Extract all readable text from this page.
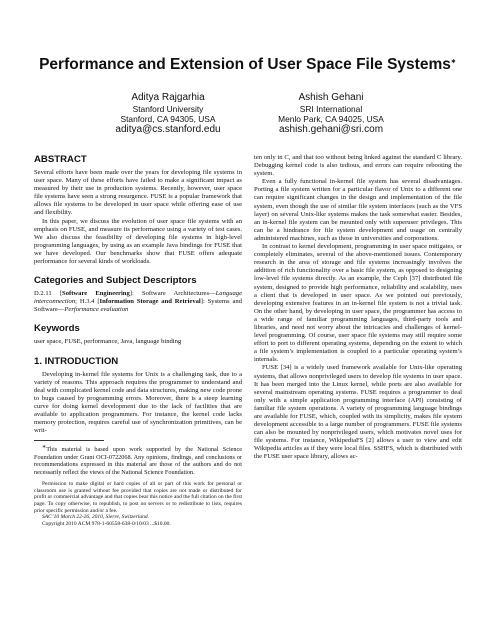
Performance and Extension of User Space File Systems∗
Aditya Rajgarhia
Stanford University
Stanford, CA 94305, USA
aditya@cs.stanford.edu
Ashish Gehani
SRI International
Menlo Park, CA 94025, USA
ashish.gehani@sri.com
ABSTRACT

Several efforts have been made over the years for developing file systems in user space. Many of these efforts have failed to make a significant impact as measured by their use in production systems. Recently, however, user space file systems have seen a strong resurgence. FUSE is a popular framework that allows file systems to be developed in user space while offering ease of use and flexibility.

In this paper, we discuss the evolution of user space file systems with an emphasis on FUSE, and measure its performance using a variety of test cases. We also discuss the feasibility of developing file systems in high-level programming languages, by using as an example Java bindings for FUSE that we have developed. Our benchmarks show that FUSE offers adequate performance for several kinds of workloads.

Categories and Subject Descriptors

D.2.11 [Software Engineering]: Software Architectures—Language interconnection; H.3.4 [Information Storage and Retrieval]: Systems and Software—Performance evaluation

Keywords

user space, FUSE, performance, Java, language binding

1. INTRODUCTION

Developing in-kernel file systems for Unix is a challenging task, due to a variety of reasons. This approach requires the programmer to understand and deal with complicated kernel code and data structures, making new code prone to bugs caused by programming errors. Moreover, there is a steep learning curve for doing kernel development due to the lack of facilities that are available to application programmers. For instance, the kernel code lacks memory protection, requires careful use of synchronization primitives, can be writ-

∗This material is based upon work supported by the National Science Foundation under Grant OCI-0722068. Any opinions, findings, and conclusions or recommendations expressed in this material are those of the authors and do not necessarily reflect the views of the National Science Foundation.

Permission to make digital or hard copies of all or part of this work for personal or classroom use is granted without fee provided that copies are not made or distributed for profit or commercial advantage and that copies bear this notice and the full citation on the first page. To copy otherwise, to republish, to post on servers or to redistribute to lists, requires prior specific permission and/or a fee.

SAC’10 March 22-26, 2010, Sierre, Switzerland.

Copyright 2010 ACM 978-1-60558-638-0/10/03 ...$10.00.

ten only in C, and that too without being linked against the standard C library. Debugging kernel code is also tedious, and errors can require rebooting the system.

Even a fully functional in-kernel file system has several disadvantages. Porting a file system written for a particular flavor of Unix to a different one can require significant changes in the design and implementation of the file system, even though the use of similar file system interfaces (such as the VFS layer) on several Unix-like systems makes the task somewhat easier. Besides, an in-kernel file system can be mounted only with superuser privileges. This can be a hindrance for file system development and usage on centrally administered machines, such as those in universities and corporations.

In contrast to kernel development, programming in user space mitigates, or completely eliminates, several of the above-mentioned issues. Contemporary research in the area of storage and file systems increasingly involves the addition of rich functionality over a basic file system, as opposed to designing low-level file systems directly. As an example, the Ceph [37] distributed file system, designed to provide high performance, reliability and scalability, uses a client that is developed in user space. As we pointed out previously, developing extensive features in an in-kernel file system is not a trivial task. On the other hand, by developing in user space, the programmer has access to a wide range of familiar programming languages, third-party tools and libraries, and need not worry about the intricacies and challenges of kernel-level programming. Of course, user space file systems may still require some effort to port to different operating systems, depending on the extent to which a file system’s implementation is coupled to a particular operating system’s internals.

FUSE [34] is a widely used framework available for Unix-like operating systems, that allows nonprivileged users to develop file systems in user space. It has been merged into the Linux kernel, while ports are also available for several mainstream operating systems. FUSE requires a programmer to deal only with a simple application programming interface (API) consisting of familiar file system operations. A variety of programming language bindings are available for FUSE, which, coupled with its simplicity, makes file system development accessible to a large number of programmers. FUSE file systems can also be mounted by nonprivileged users, which motivates novel uses for file systems. For instance, WikipediaFS [2] allows a user to view and edit Wikipedia articles as if they were local files. SSHFS, which is distributed with the FUSE user space library, allows ac-
